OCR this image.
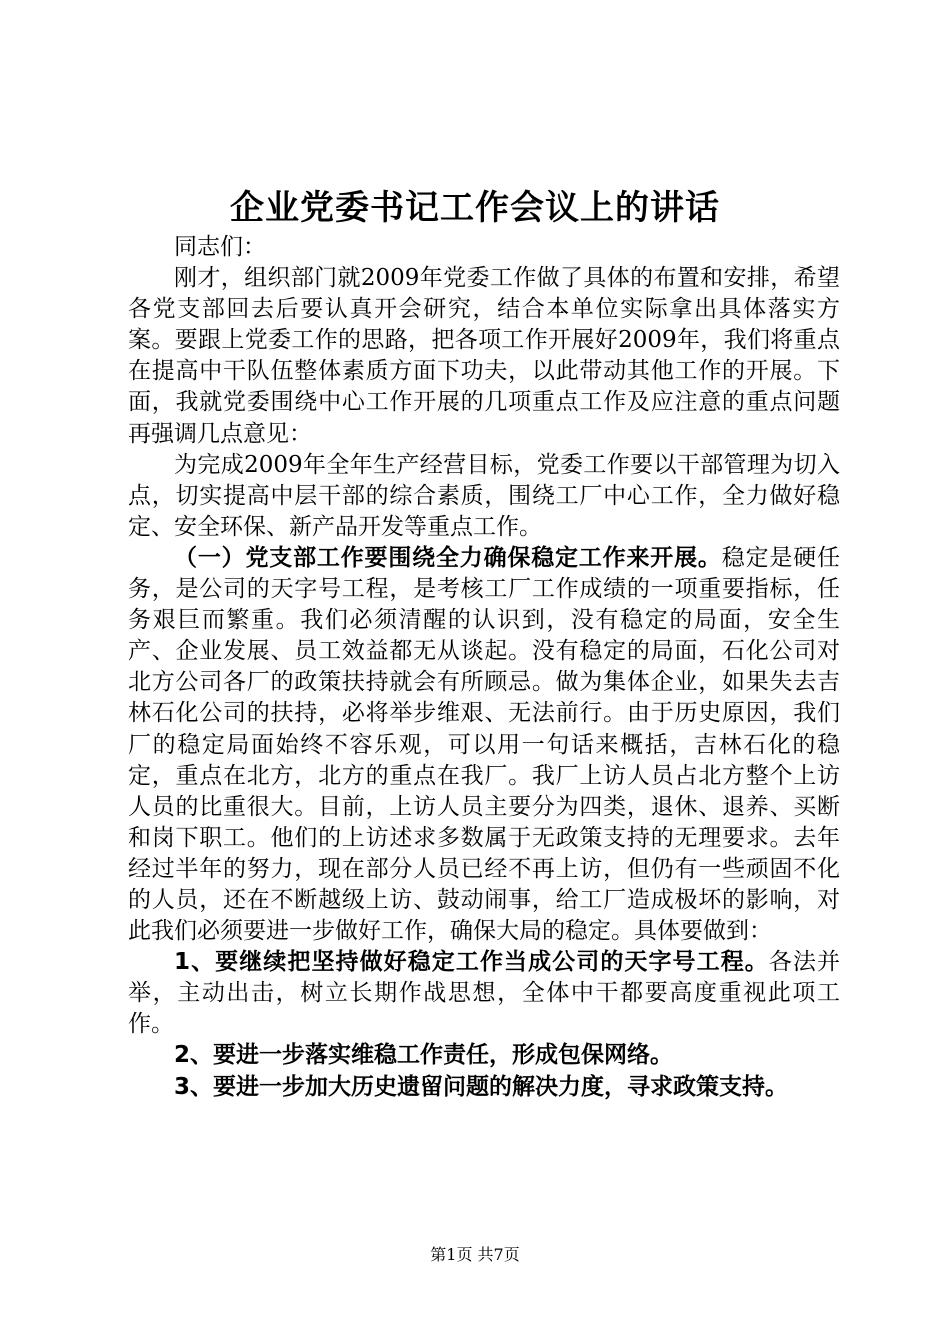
企业党委书记工作会议上的讲话

同志们：

刚才，组织部门就2009年党委工作做了具体的布置和安排，希望各党支部回去后要认真开会研究，结合本单位实际拿出具体落实方案。要跟上党委工作的思路，把各项工作开展好2009年，我们将重点在提高中干队伍整体素质方面下功夫，以此带动其他工作的开展。下面，我就党委围绕中心工作开展的几项重点工作及应注意的重点问题再强调几点意见：

为完成2009年全年生产经营目标，党委工作要以干部管理为切入点，切实提高中层干部的综合素质，围绕工厂中心工作，全力做好稳定、安全环保、新产品开发等重点工作。

（一）党支部工作要围绕全力确保稳定工作来开展。稳定是硬任务，是公司的天字号工程，是考核工厂工作成绩的一项重要指标，任务艰巨而繁重。我们必须清醒的认识到，没有稳定的局面，安全生产、企业发展、员工效益都无从谈起。没有稳定的局面，石化公司对北方公司各厂的政策扶持就会有所顾忌。做为集体企业，如果失去吉林石化公司的扶持，必将举步维艰、无法前行。由于历史原因，我们厂的稳定局面始终不容乐观，可以用一句话来概括，吉林石化的稳定，重点在北方，北方的重点在我厂。我厂上访人员占北方整个上访人员的比重很大。目前，上访人员主要分为四类，退休、退养、买断和岗下职工。他们的上访述求多数属于无政策支持的无理要求。去年经过半年的努力，现在部分人员已经不再上访，但仍有一些顽固不化的人员，还在不断越级上访、鼓动闹事，给工厂造成极坏的影响，对此我们必须要进一步做好工作，确保大局的稳定。具体要做到：

1、要继续把坚持做好稳定工作当成公司的天字号工程。各法并举，主动出击，树立长期作战思想，全体中干都要高度重视此项工作。

2、要进一步落实维稳工作责任，形成包保网络。

3、要进一步加大历史遗留问题的解决力度，寻求政策支持。

第1页 共7页
